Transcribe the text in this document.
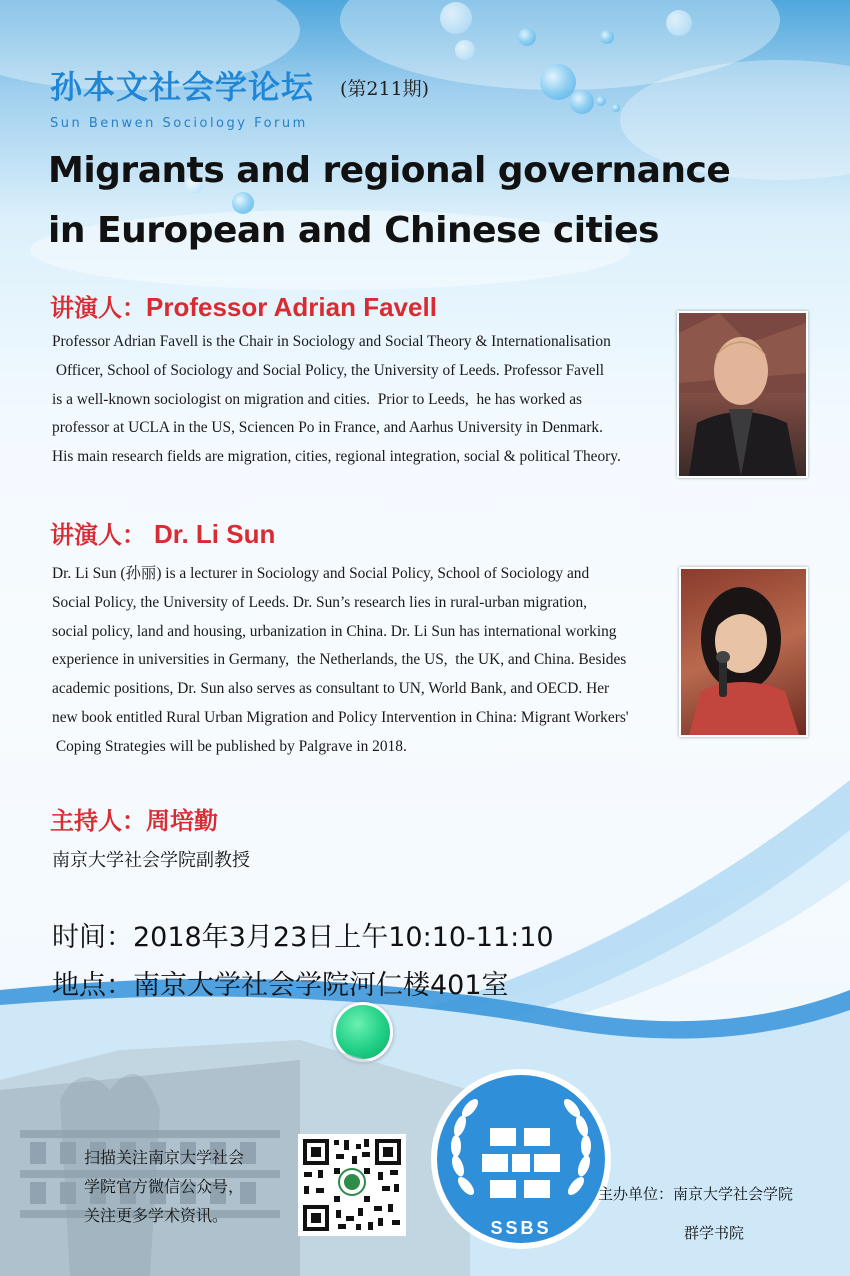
孙本文社会学论坛 (第211期)
Sun Benwen Sociology Forum
Migrants and regional governance
in European and Chinese cities
讲演人：Professor Adrian Favell
Professor Adrian Favell is the Chair in Sociology and Social Theory & Internationalisation
Officer, School of Sociology and Social Policy, the University of Leeds. Professor Favell
is a well-known sociologist on migration and cities.  Prior to Leeds,  he has worked as
professor at UCLA in the US, Sciencen Po in France, and Aarhus University in Denmark.
His main research fields are migration, cities, regional integration, social & political Theory.
讲演人： Dr. Li Sun
Dr. Li Sun (孙丽) is a lecturer in Sociology and Social Policy, School of Sociology and
Social Policy, the University of Leeds. Dr. Sun’s research lies in rural-urban migration,
social policy, land and housing, urbanization in China. Dr. Li Sun has international working
experience in universities in Germany,  the Netherlands, the US,  the UK, and China. Besides
academic positions, Dr. Sun also serves as consultant to UN, World Bank, and OECD. Her
new book entitled Rural Urban Migration and Policy Intervention in China: Migrant Workers'
Coping Strategies will be published by Palgrave in 2018.
主持人：周培勤
南京大学社会学院副教授
时间：2018年3月23日上午10:10-11:10
地点：南京大学社会学院河仁楼401室
扫描关注南京大学社会
学院官方微信公众号，
关注更多学术资讯。
SSBS
主办单位：南京大学社会学院
群学书院
